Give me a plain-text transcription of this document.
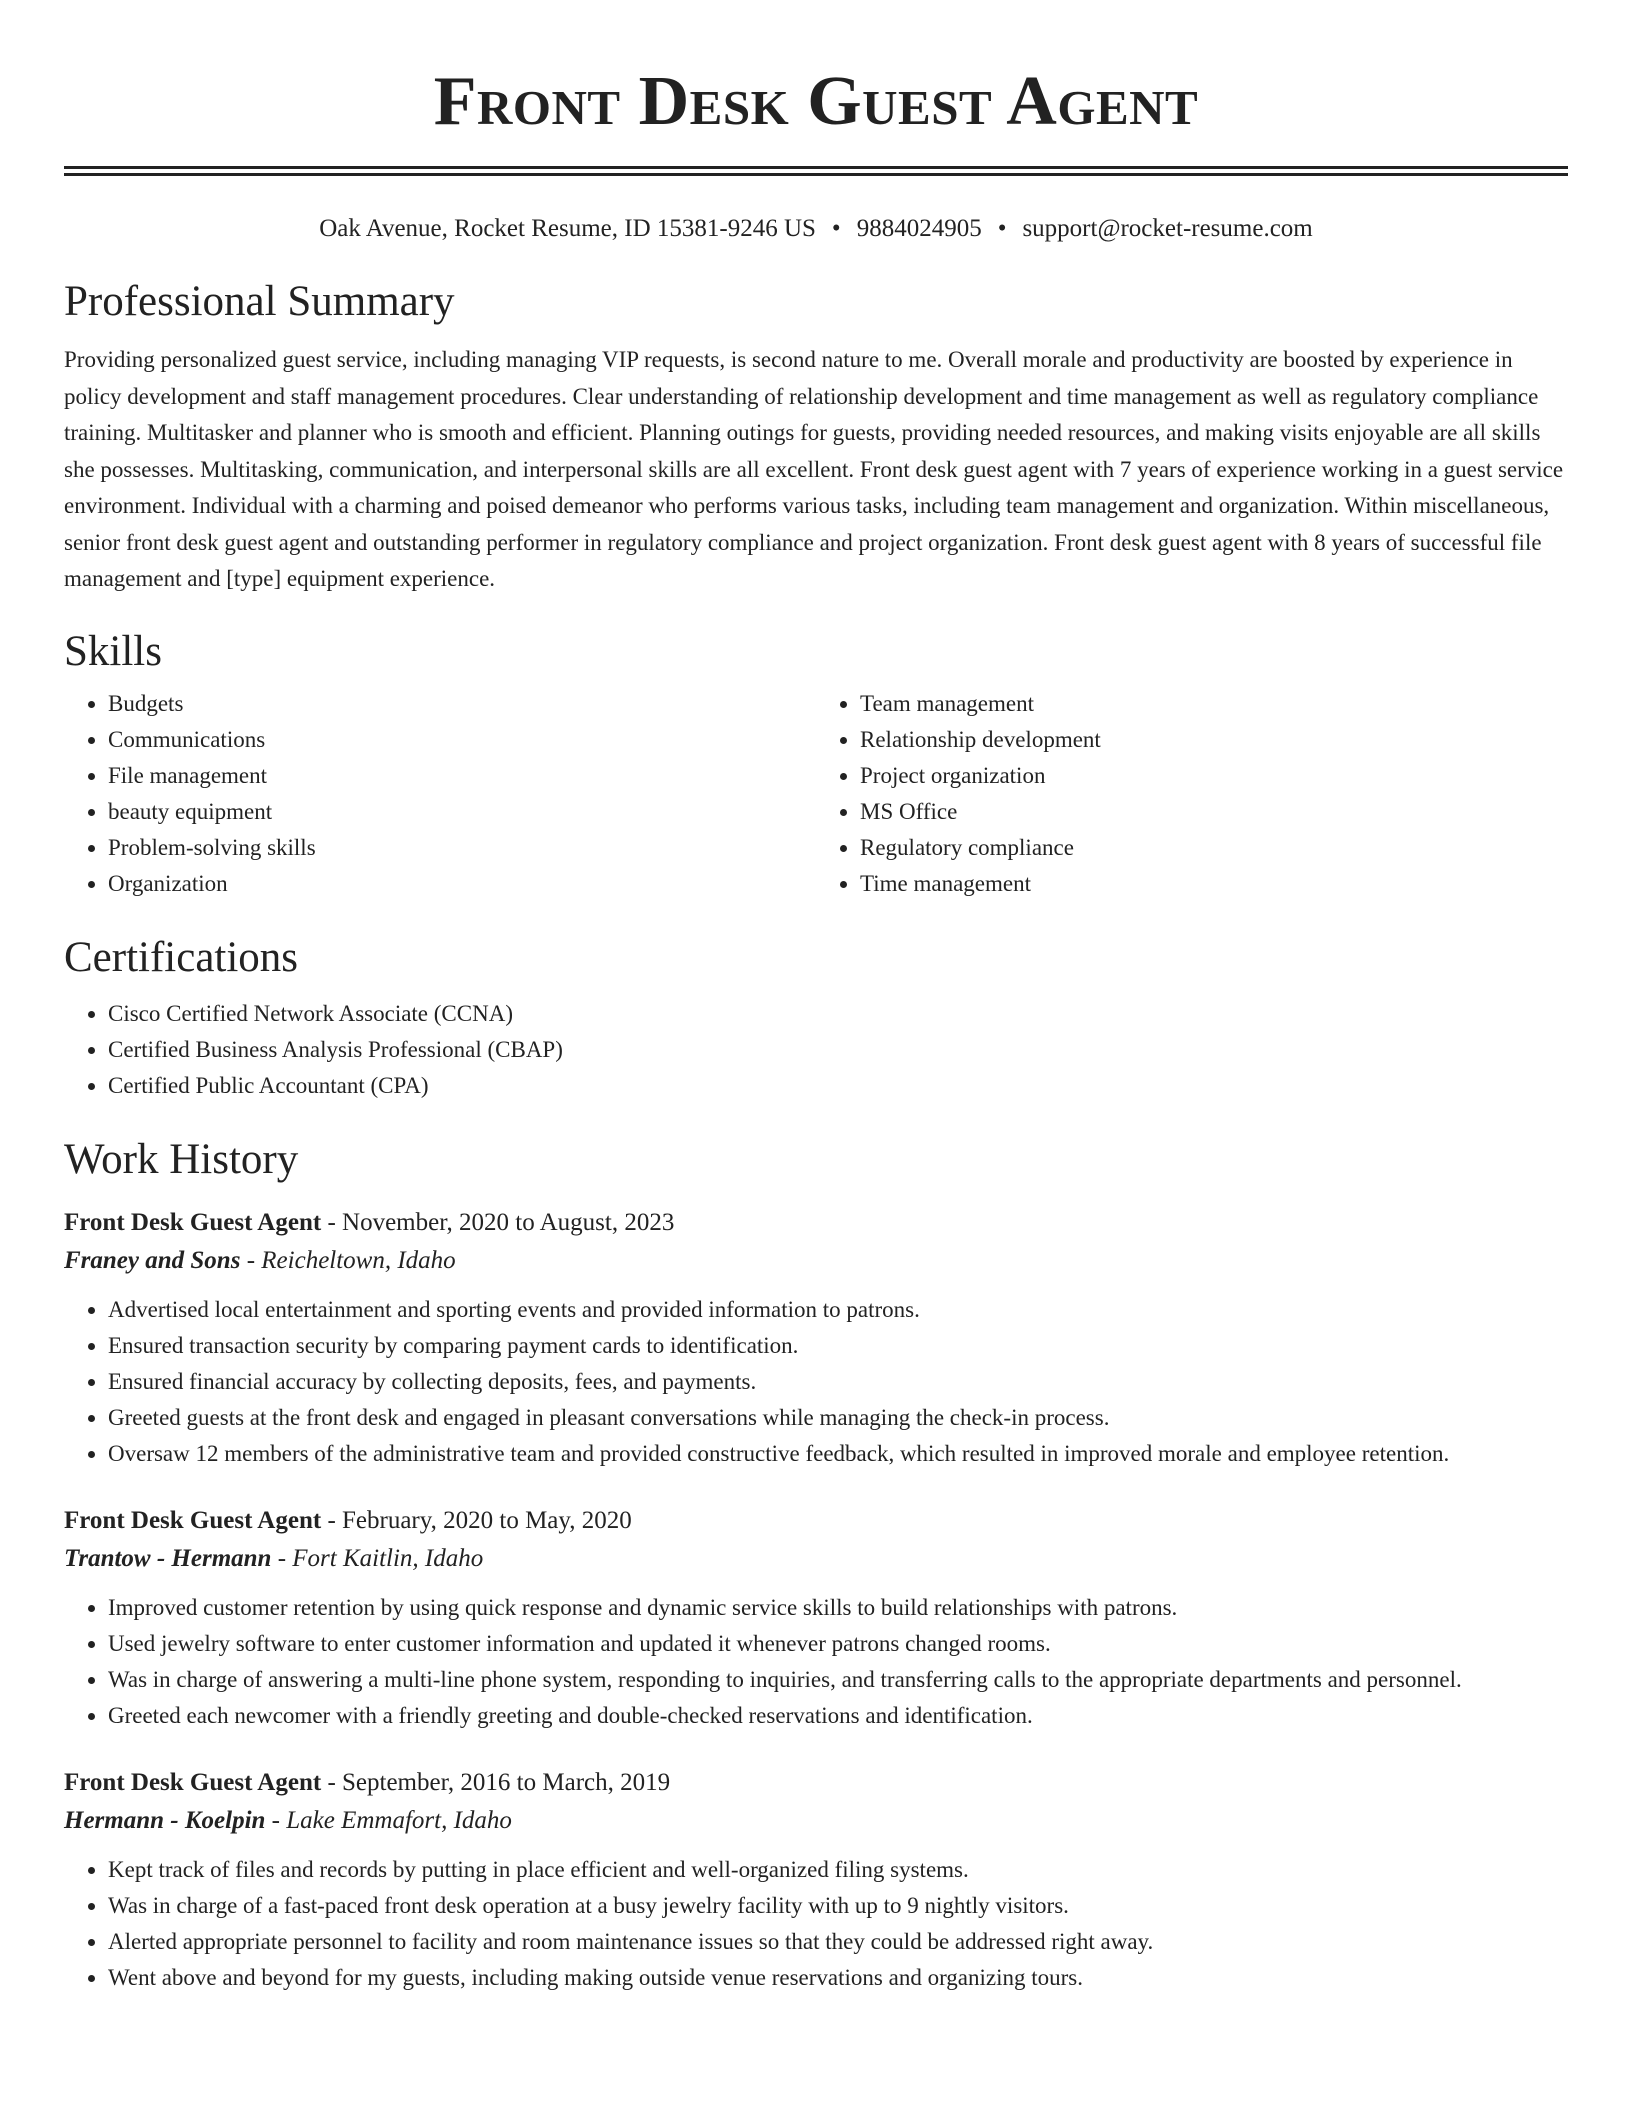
Front Desk Guest Agent
Oak Avenue, Rocket Resume, ID 15381-9246 US • 9884024905 • support@rocket-resume.com
Professional Summary

Providing personalized guest service, including managing VIP requests, is second nature to me. Overall morale and productivity are boosted by experience in policy development and staff management procedures. Clear understanding of relationship development and time management as well as regulatory compliance training. Multitasker and planner who is smooth and efficient. Planning outings for guests, providing needed resources, and making visits enjoyable are all skills she possesses. Multitasking, communication, and interpersonal skills are all excellent. Front desk guest agent with 7 years of experience working in a guest service environment. Individual with a charming and poised demeanor who performs various tasks, including team management and organization. Within miscellaneous, senior front desk guest agent and outstanding performer in regulatory compliance and project organization. Front desk guest agent with 8 years of successful file management and [type] equipment experience.

Skills
• Budgets
• Communications
• File management
• beauty equipment
• Problem-solving skills
• Organization
• Team management
• Relationship development
• Project organization
• MS Office
• Regulatory compliance
• Time management
Certifications
• Cisco Certified Network Associate (CCNA)
• Certified Business Analysis Professional (CBAP)
• Certified Public Accountant (CPA)
Work History
Front Desk Guest Agent - November, 2020 to August, 2023
Franey and Sons - Reicheltown, Idaho
• Advertised local entertainment and sporting events and provided information to patrons.
• Ensured transaction security by comparing payment cards to identification.
• Ensured financial accuracy by collecting deposits, fees, and payments.
• Greeted guests at the front desk and engaged in pleasant conversations while managing the check-in process.
• Oversaw 12 members of the administrative team and provided constructive feedback, which resulted in improved morale and employee retention.
Front Desk Guest Agent - February, 2020 to May, 2020
Trantow - Hermann - Fort Kaitlin, Idaho
• Improved customer retention by using quick response and dynamic service skills to build relationships with patrons.
• Used jewelry software to enter customer information and updated it whenever patrons changed rooms.
• Was in charge of answering a multi-line phone system, responding to inquiries, and transferring calls to the appropriate departments and personnel.
• Greeted each newcomer with a friendly greeting and double-checked reservations and identification.
Front Desk Guest Agent - September, 2016 to March, 2019
Hermann - Koelpin - Lake Emmafort, Idaho
• Kept track of files and records by putting in place efficient and well-organized filing systems.
• Was in charge of a fast-paced front desk operation at a busy jewelry facility with up to 9 nightly visitors.
• Alerted appropriate personnel to facility and room maintenance issues so that they could be addressed right away.
• Went above and beyond for my guests, including making outside venue reservations and organizing tours.
